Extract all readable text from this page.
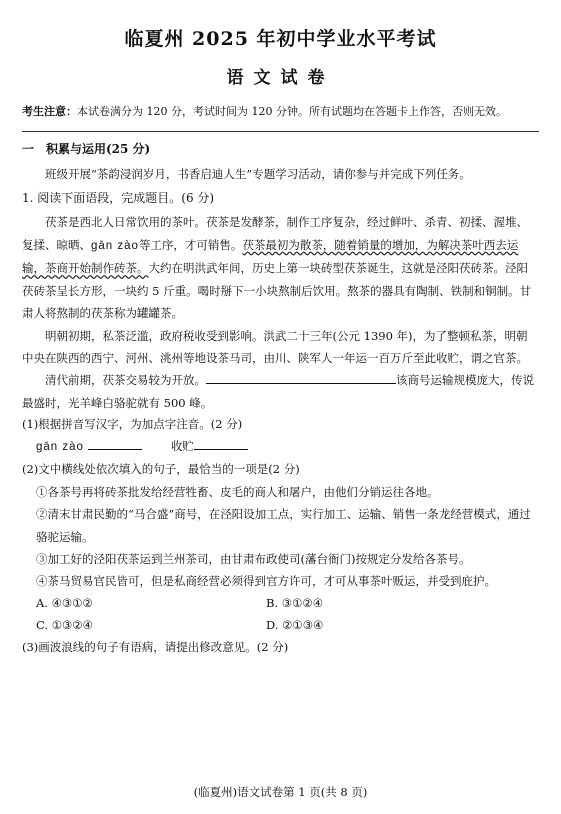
临夏州 2025 年初中学业水平考试
语文试卷
考生注意：本试卷满分为 120 分，考试时间为 120 分钟。所有试题均在答题卡上作答，否则无效。
一　积累与运用(25 分)

班级开展“茶韵浸润岁月，书香启迪人生”专题学习活动，请你参与并完成下列任务。

1. 阅读下面语段，完成题目。(6 分)

茯茶是西北人日常饮用的茶叶。茯茶是发酵茶，制作工序复杂，经过鲜叶、杀青、初揉、渥堆、复揉、晾晒、gān zào等工序，才可销售。茯茶最初为散茶，随着销量的增加，为解决茶叶西去运输，茶商开始制作砖茶。大约在明洪武年间，历史上第一块砖型茯茶诞生，这就是泾阳茯砖茶。泾阳茯砖茶呈长方形，一块约 5 斤重。喝时掰下一小块熬制后饮用。熬茶的器具有陶制、铁制和铜制。甘肃人将熬制的茯茶称为罐罐茶。

明朝初期，私茶泛滥，政府税收受到影响。洪武二十三年(公元 1390 年)，为了整顿私茶，明朝中央在陕西的西宁、河州、洮州等地设茶马司，由川、陕军人一年运一百万斤至此收贮，谓之官茶。

清代前期，茯茶交易较为开放。	该商号运输规模庞大，传说最盛时，光羊峰白骆驼就有 500 峰。

(1)根据拼音写汉字，为加点字注音。(2 分)

gān zào	收贮

(2)文中横线处依次填入的句子，最恰当的一项是(2 分)

①各茶号再将砖茶批发给经营牲畜、皮毛的商人和屠户，由他们分销运往各地。

②清末甘肃民勤的“马合盛”商号，在泾阳设加工点，实行加工、运输、销售一条龙经营模式，通过骆驼运输。

③加工好的泾阳茯茶运到兰州茶司，由甘肃布政使司(藩台衙门)按规定分发给各茶号。

④茶马贸易官民皆可，但是私商经营必须得到官方许可，才可从事茶叶贩运，并受到庇护。

A. ④③①②	B. ③①②④
C. ①③②④	D. ②①③④

(3)画波浪线的句子有语病，请提出修改意见。(2 分)

(临夏州)语文试卷第 1 页(共 8 页)
